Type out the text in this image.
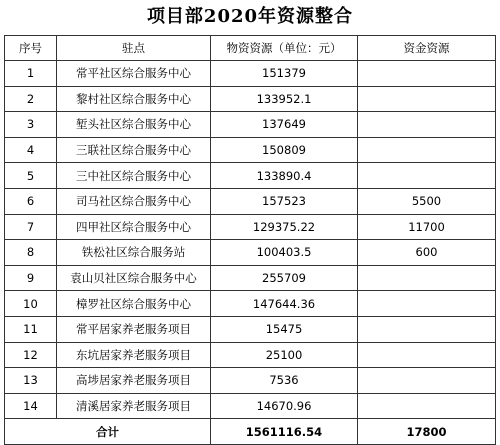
项目部2020年资源整合
序号	驻点	物资资源（单位：元）	资金资源
1	常平社区综合服务中心	151379	
2	黎村社区综合服务中心	133952.1	
3	堑头社区综合服务中心	137649	
4	三联社区综合服务中心	150809	
5	三中社区综合服务中心	133890.4	
6	司马社区综合服务中心	157523	5500
7	四甲社区综合服务中心	129375.22	11700
8	铁松社区综合服务站	100403.5	600
9	袁山贝社区综合服务中心	255709	
10	樟罗社区综合服务中心	147644.36	
11	常平居家养老服务项目	15475	
12	东坑居家养老服务项目	25100	
13	高埗居家养老服务项目	7536	
14	清溪居家养老服务项目	14670.96	
合计		1561116.54	17800
